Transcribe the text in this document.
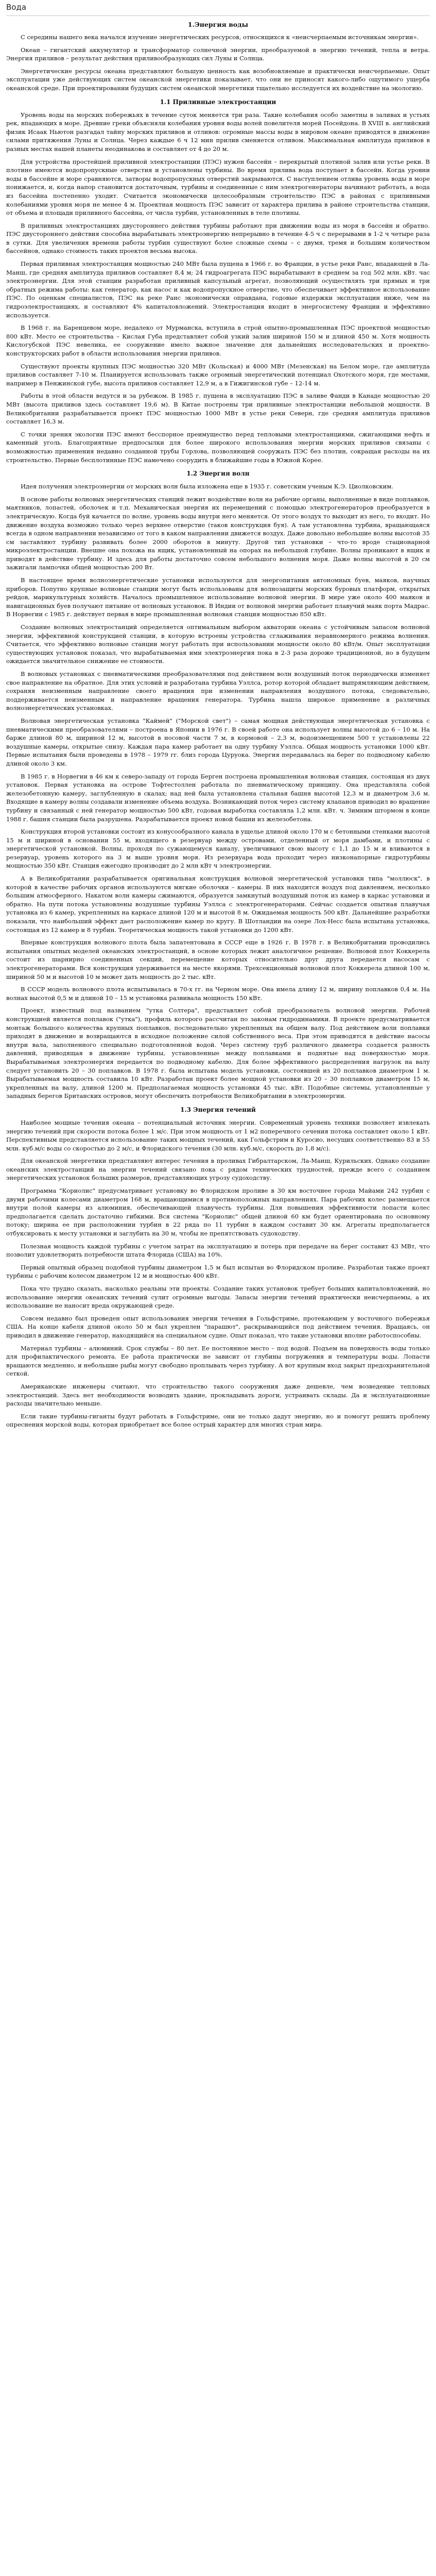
Вода
1.Энергия воды

С середины нашего века начался изучение энергетических ресурсов, относящихся к «неисчерпаемым источникам энергии».

Океан – гигантский аккумулятор и трансформатор солнечной энергии, преобразуемой в энергию течений, тепла и ветра. Энергия приливов – результат действия приливообразующих сил Луны и Солнца.

Энергетические ресурсы океана представляют большую ценность как возобновляемые и практически неисчерпаемые. Опыт эксплуатации уже действующих систем океанской энергетики показывает, что они не приносят какого-либо ощутимого ущерба океанской среде. При проектировании будущих систем океанской энергетики тщательно исследуется их воздействие на экологию.

1.1 Приливные электростанции

Уровень воды на морских побережьях в течение суток меняется три раза. Такие колебания особо заметны в заливах и устьях рек, впадающих в море. Древние греки объясняли колебания уровня воды волей повелителя морей Посейдона. В XVIII в. английский физик Исаак Ньютон разгадал тайну морских приливов и отливов: огромные массы воды в мировом океане приводятся в движение силами притяжения Луны и Солнца. Через каждые 6 ч 12 мин прилив сменяется отливом. Максимальная амплитуда приливов в разных местах нашей планеты неодинакова и составляет от 4 до 20 м.

Для устройства простейшей приливной электростанции (ПЭС) нужен бассейн – перекрытый плотиной залив или устье реки. В плотине имеются водопропускные отверстия и установлены турбины. Во время прилива вода поступает в бассейн. Когда уровни воды в бассейне и море сравняются, затворы водопропускных отверстий закрываются. С наступлением отлива уровень воды в море понижается, и, когда напор становится достаточным, турбины и соединенные с ним электрогенераторы начинают работать, а вода из бассейна постепенно уходит. Считается экономически целесообразным строительство ПЭС в районах с приливными колебаниями уровня моря не менее 4 м. Проектная мощность ПЭС зависит от характера прилива в районе строительства станции, от объема и площади приливного бассейна, от числа турбин, установленных в теле плотины.

В приливных электростанциях двустороннего действия турбины работают при движении воды из моря в бассейн и обратно. ПЭС двустороннего действия способна вырабатывать электроэнергию непрерывно в течение 4-5 ч с перерывами в 1-2 ч четыре раза в сутки. Для увеличения времени работы турбин существуют более сложные схемы – с двумя, тремя и большим количеством бассейнов, однако стоимость таких проектов весьма высока.

Первая приливная электростанция мощностью 240 МВт была пущена в 1966 г. во Франции, в устье реки Ранс, впадающей в Ла-Манш, где средняя амплитуда приливов составляет 8,4 м; 24 гидроагрегата ПЭС вырабатывают в среднем за год 502 млн. кВт. час электроэнергии. Для этой станции разработан приливный капсульный агрегат, позволяющий осуществлять три прямых и три обратных режима работы: как генератор, как насос и как водопропускное отверстие, что обеспечивает эффективное использование ПЭС. По оценкам специалистов, ПЭС на реке Ранс экономически оправдана, годовые издержки эксплуатации ниже, чем на гидроэлектростанциях, и составляют 4% капиталовложений. Электростанция входит в энергосистему Франции и эффективно используется.

В 1968 г. на Баренцевом море, недалеко от Мурманска, вступила в строй опытно-промышленная ПЭС проектной мощностью 800 кВт. Место ее строительства – Кислая Губа представляет собой узкий залив шириной 150 м и длиной 450 м. Хотя мощность Кислогубской ПЭС невелика, ее сооружение имело важное значение для дальнейших исследовательских и проектно-конструкторских работ в области использования энергии приливов.

Существуют проекты крупных ПЭС мощностью 320 МВт (Кольская) и 4000 МВт (Мезенская) на Белом море, где амплитуда приливов составляет 7-10 м. Планируется использовать также огромный энергетический потенциал Охотского моря, где местами, например в Пенжинской губе, высота приливов составляет 12,9 м, а в Гижигинской губе – 12-14 м.

Работы в этой области ведутся и за рубежом. В 1985 г. пущена в эксплуатацию ПЭС в заливе Фанди в Канаде мощностью 20 МВт (высота приливов здесь составляет 19,6 м). В Китае построены три приливные электростанции небольшой мощности. В Великобритании разрабатывается проект ПЭС мощностью 1000 МВт в устье реки Северн, где средняя амплитуда приливов составляет 16,3 м.

С точки зрения экологии ПЭС имеют бесспорное преимущество перед тепловыми электростанциями, сжигающими нефть и каменный уголь. Благоприятные предпосылки для более широкого использования энергии морских приливов связаны с возможностью применения недавно созданной трубы Горлова, позволяющей сооружать ПЭС без плотин, сокращая расходы на их строительство. Первые бесплотинные ПЭС намечено соорудить в ближайшие годы в Южной Корее.

1.2 Энергия волн

Идея получения электроэнергии от морских волн была изложена еще в 1935 г. советским ученым К.Э. Циолковским.

В основе работы волновых энергетических станций лежит воздействие волн на рабочие органы, выполненные в виде поплавков, маятников, лопастей, оболочек и т.п. Механическая энергия их перемещений с помощью электрогенераторов преобразуется в электрическую. Когда буй качается по волне, уровень воды внутри него меняется. От этого воздух то выходит из него, то входит. Но движение воздуха возможно только через верхнее отверстие (таков конструкция буя). А там установлена турбина, вращающаяся всегда в одном направлении независимо от того в каком направлении движется воздух. Даже довольно небольшие волны высотой 35 см заставляют турбину развивать более 2000 оборотов в минуту. Другой тип установки – что-то вроде стационарной микроэлектростанции. Внешне она похожа на ящик, установленный на опорах на небольшой глубине. Волны проникают в ящик и приводят в действие турбину. И здесь для работы достаточно совсем небольшого волнения моря. Даже волны высотой в 20 см зажигали лампочки общей мощностью 200 Вт.

В настоящее время волноэнергетические установки используются для энергопитания автономных буев, маяков, научных приборов. Попутно крупные волновые станции могут быть использованы для волнозащиты морских буровых платформ, открытых рейдов, марикультурных хозяйств. Началось промышленное использование волновой энергии. В мире уже около 400 маяков и навигационных буев получают питание от волновых установок. В Индии от волновой энергии работает плавучий маяк порта Мадрас. В Норвегии с 1985 г. действует первая в мире промышленная волновая станция мощностью 850 кВт.

Создание волновых электростанций определяется оптимальным выбором акватории океана с устойчивым запасом волновой энергии, эффективной конструкцией станции, в которую встроены устройства сглаживания неравномерного режима волнения. Считается, что эффективно волновые станции могут работать при использовании мощности около 80 кВт/м. Опыт эксплуатации существующих установок показал, что вырабатываемая ими электроэнергия пока в 2-3 раза дороже традиционной, но в будущем ожидается значительное снижение ее стоимости.

В волновых установках с пневматическими преобразователями под действием волн воздушный поток периодически изменяет свое направление на обратное. Для этих условий и разработана турбина Уэллса, ротор которой обладает выпрямляющим действием, сохраняя неизменным направление своего вращения при изменении направления воздушного потока, следовательно, поддерживается неизменным и направление вращения генератора. Турбина нашла широкое применение в различных волноэнергетических установках.

Волновая энергетическая установка "Каймей" ("Морской свет") – самая мощная действующая энергетическая установка с пневматическими преобразователями – построена в Японии в 1976 г. В своей работе она использует волны высотой до 6 – 10 м. На барже длиной 80 м, шириной 12 м, высотой в носовой части 7 м, в кормовой – 2,3 м, водоизмещением 500 т установлены 22 воздушные камеры, открытые снизу. Каждая пара камер работает на одну турбину Уэллса. Общая мощность установки 1000 кВт. Первые испытания были проведены в 1978 – 1979 гг. близ города Цуруока. Энергия передавалась на берег по подводному кабелю длиной около 3 км.

В 1985 г. в Норвегии в 46 км к северо-западу от города Берген построена промышленная волновая станция, состоящая из двух установок. Первая установка на острове Тофтестоллен работала по пневматическому принципу. Она представляла собой железобетонную камеру, заглубленную в скалах; над ней была установлена стальная башня высотой 12,3 м и диаметром 3,6 м. Входящие в камеру волны создавали изменение объема воздуха. Возникающий поток через систему клапанов приводил во вращение турбину и связанный с ней генератор мощностью 500 кВт, годовая выработка составляла 1,2 млн. кВт. ч. Зимним штормом в конце 1988 г. башня станции была разрушена. Разрабатывается проект новой башни из железобетона.

Конструкция второй установки состоит из конусообразного канала в ущелье длиной около 170 м с бетонными стенками высотой 15 м и шириной в основании 55 м, входящего в резервуар между островами, отделенный от моря дамбами, и плотины с энергетической установкой. Волны, проходя по сужающемуся каналу, увеличивают свою высоту с 1,1 до 15 м и вливаются в резервуар, уровень которого на 3 м выше уровня моря. Из резервуара вода проходит через низконапорные гидротурбины мощностью 350 кВт. Станция ежегодно производит до 2 млн кВт ч электроэнергии.

А в Великобритании разрабатывается оригинальная конструкция волновой энергетической установки типа "моллюск", в которой в качестве рабочих органов используются мягкие оболочки – камеры. В них находится воздух под давлением, несколько большим атмосферного. Накатом волн камеры сжимаются, образуется замкнутый воздушный поток из камер в каркас установки и обратно. На пути потока установлены воздушные турбины Уэллса с электрогенераторами. Сейчас создается опытная плавучая установка из 6 камер, укрепленных на каркасе длиной 120 м и высотой 8 м. Ожидаемая мощность 500 кВт. Дальнейшие разработки показали, что наибольший эффект дает расположение камер по кругу. В Шотландии на озере Лох-Несс была испытана установка, состоящая из 12 камер и 8 турбин. Теоретическая мощность такой установки до 1200 кВт.

Впервые конструкция волнового плота была запатентована в СССР еще в 1926 г. В 1978 г. в Великобритании проводились испытания опытных моделей океанских электростанций, в основе которых лежит аналогичное решение. Волновой плот Коккерела состоит из шарнирно соединенных секций, перемещение которых относительно друг друга передается насосам с электрогенераторами. Вся конструкция удерживается на месте якорями. Трехсекционный волновой плот Коккерела длиной 100 м, шириной 50 м и высотой 10 м может дать мощность до 2 тыс. кВт.

В СССР модель волнового плота испытывалась в 70-х гг. на Черном море. Она имела длину 12 м, ширину поплавков 0,4 м. На волнах высотой 0,5 м и длиной 10 – 15 м установка развивала мощность 150 кВт.

Проект, известный под названием "утка Солтера", представляет собой преобразователь волновой энергии. Рабочей конструкцией является поплавок ("утка"), профиль которого рассчитан по законам гидродинамики. В проекте предусматривается монтаж большого количества крупных поплавков, последовательно укрепленных на общем валу. Под действием волн поплавки приходят в движение и возвращаются в исходное положение силой собственного веса. При этом приводятся в действие насосы внутри вала, заполненного специально подготовленной водой. Через систему труб различного диаметра создается разность давлений, приводящая в движение турбины, установленные между поплавками и поднятые над поверхностью моря. Вырабатываемая электроэнергия передается по подводному кабелю. Для более эффективного распределения нагрузок на валу следует установить 20 – 30 поплавков. В 1978 г. была испытана модель установки, состоявшей из 20 поплавков диаметром 1 м. Вырабатываемая мощность составила 10 кВт. Разработан проект более мощной установки из 20 – 30 поплавков диаметром 15 м, укрепленных на валу, длиной 1200 м. Предполагаемая мощность установки 45 тыс. кВт. Подобные системы, установленные у западных берегов Британских островов, могут обеспечить потребности Великобритании в электроэнергии.

1.3 Энергия течений

Наиболее мощные течения океана – потенциальный источник энергии. Современный уровень техники позволяет извлекать энергию течений при скорости потока более 1 м/с. При этом мощность от 1 м2 поперечного сечения потока составляет около 1 кВт. Перспективным представляется использование таких мощных течений, как Гольфстрим и Куросио, несущих соответственно 83 и 55 млн. куб.м/с воды со скоростью до 2 м/с, и Флоридского течения (30 млн. куб.м/с, скорость до 1,8 м/с).

Для океанской энергетики представляют интерес течения в проливах Гибралтарском, Ла-Манш, Курильских. Однако создание океанских электростанций на энергии течений связано пока с рядом технических трудностей, прежде всего с созданием энергетических установок больших размеров, представляющих угрозу судоходству.

Программа "Кориолис" предусматривает установку во Флоридском проливе в 30 км восточнее города Майами 242 турбин с двумя рабочими колесами диаметром 168 м, вращающимися в противоположных направлениях. Пара рабочих колес размещается внутри полой камеры из алюминия, обеспечивающей плавучесть турбины. Для повышения эффективности лопасти колес предполагается сделать достаточно гибкими. Вся система "Кориолис" общей длиной 60 км будет ориентирована по основному потоку; ширина ее при расположении турбин в 22 ряда по 11 турбин в каждом составит 30 км. Агрегаты предполагается отбуксировать к месту установки и заглубить на 30 м, чтобы не препятствовать судоходству.

Полезная мощность каждой турбины с учетом затрат на эксплуатацию и потерь при передаче на берег составит 43 МВт, что позволит удовлетворить потребности штата Флорида (США) на 10%.

Первый опытный образец подобной турбины диаметром 1,5 м был испытан во Флоридском проливе. Разработан также проект турбины с рабочим колесом диаметром 12 м и мощностью 400 кВт.

Пока что трудно сказать, насколько реальны эти проекты. Создание таких установок требует больших капиталовложений, но использование энергии океанских течений сулит огромные выгоды. Запасы энергии течений практически неисчерпаемы, а их использование не наносит вреда окружающей среде.

Совсем недавно был проведен опыт использования энергии течения в Гольфстриме, протекающем у восточного побережья США. На конце кабеля длиной около 50 м был укреплен "парашют", раскрывающийся под действием течения. Вращаясь, он приводил в движение генератор, находящийся на специальном судне. Опыт показал, что такие установки вполне работоспособны.

Материал турбины – алюминий. Срок службы – 80 лет. Ее постоянное место – под водой. Подъем на поверхность воды только для профилактического ремонта. Ее работа практически не зависит от глубины погружения и температуры воды. Лопасти вращаются медленно, и небольшие рыбы могут свободно проплывать через турбину. А вот крупным вход закрыт предохранительной сеткой.

Американские инженеры считают, что строительство такого сооружения даже дешевле, чем возведение тепловых электростанций. Здесь нет необходимости возводить здание, прокладывать дороги, устраивать склады. Да и эксплуатационные расходы значительно меньше.

Если такие турбины-гиганты будут работать в Гольфстриме, они не только дадут энергию, но и помогут решить проблему опреснения морской воды, которая приобретает все более острый характер для многих стран мира.
